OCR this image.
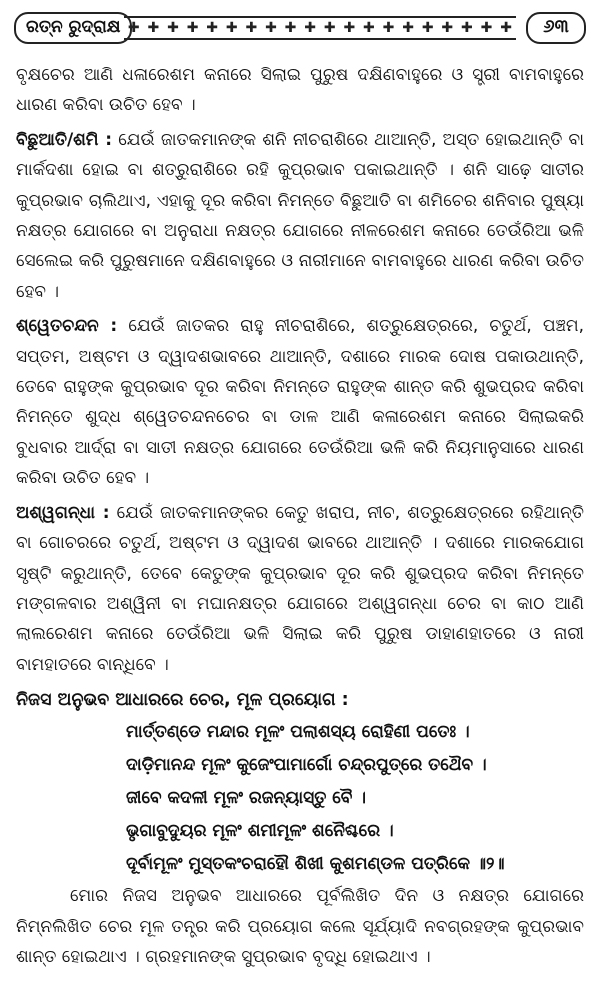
ରତ୍ନ ରୁଦ୍ରାକ୍ଷ ✚ ✚ ✚ ✚ ✚ ✚ ✚ ✚ ✚ ✚ ✚ ✚ ✚ ✚ ✚ ✚ ✚ ✚ ✚ ✚	୬୩

ବୃକ୍ଷଚେର ଆଣି ଧଳାରେଶମ କନାରେ ସିଲାଇ ପୁରୁଷ ଦକ୍ଷିଣବାହୁରେ ଓ ସ୍ତ୍ରୀ ବାମବାହୁରେ ଧାରଣ କରିବା ଉଚିତ ହେବ ।

ବିଛୁଆତି/ଶମି : ଯେଉଁ ଜାତକମାନଙ୍କ ଶନି ନୀଚରାଶିରେ ଥାଆନ୍ତି, ଅସ୍ତ ହୋଇଥାନ୍ତି ବା ମାର୍କଦଶା ହୋଇ ବା ଶତ୍ରୁରାଶିରେ ରହି କୁପ୍ରଭାବ ପକାଇଥାନ୍ତି । ଶନି ସାଢ଼େ ସାତୀର କୁପ୍ରଭାବ ଚାଲିଥାଏ, ଏହାକୁ ଦୂର କରିବା ନିମନ୍ତେ ବିଛୁଆତି ବା ଶମିଚେର ଶନିବାର ପୁଷ୍ୟା ନକ୍ଷତ୍ର ଯୋଗରେ ବା ଅନୁରାଧା ନକ୍ଷତ୍ର ଯୋଗରେ ନୀଳରେଶମ କନାରେ ତେଉଁରିଆ ଭଳି ସେଲେଇ କରି ପୁରୁଷମାନେ ଦକ୍ଷିଣବାହୁରେ ଓ ନାରୀମାନେ ବାମବାହୁରେ ଧାରଣ କରିବା ଉଚିତ ହେବ ।

ଶ୍ୱେତଚନ୍ଦନ : ଯେଉଁ ଜାତକର ରାହୁ ନୀଚରାଶିରେ, ଶତ୍ରୁକ୍ଷେତ୍ରରେ, ଚତୁର୍ଥ, ପଞ୍ଚମ, ସପ୍ତମ, ଅଷ୍ଟମ ଓ ଦ୍ୱାଦଶଭାବରେ ଥାଆନ୍ତି, ଦଶାରେ ମାରକ ଦୋଷ ପକାଉଥାନ୍ତି, ତେବେ ରାହୁଙ୍କ କୁପ୍ରଭାବ ଦୂର କରିବା ନିମନ୍ତେ ରାହୁଙ୍କ ଶାନ୍ତ କରି ଶୁଭପ୍ରଦ କରିବା ନିମନ୍ତେ ଶୁଦ୍ଧ ଶ୍ୱେତଚନ୍ଦନଚେର ବା ଡାଳ ଆଣି କଳାରେଶମ କନାରେ ସିଲାଇକରି ବୁଧବାର ଆର୍ଦ୍ରା ବା ସାତୀ ନକ୍ଷତ୍ର ଯୋଗରେ ତେଉଁରିଆ ଭଳି କରି ନିୟମାନୁସାରେ ଧାରଣ କରିବା ଉଚିତ ହେବ ।

ଅଶ୍ୱଗନ୍ଧା : ଯେଉଁ ଜାତକମାନଙ୍କର କେତୁ ଖରାପ, ନୀଚ, ଶତ୍ରୁକ୍ଷେତ୍ରରେ ରହିଥାନ୍ତି ବା ଗୋଚରରେ ଚତୁର୍ଥ, ଅଷ୍ଟମ ଓ ଦ୍ୱାଦଶ ଭାବରେ ଥାଆନ୍ତି । ଦଶାରେ ମାରକଯୋଗ ସୃଷ୍ଟି କରୁଥାନ୍ତି, ତେବେ କେତୁଙ୍କ କୁପ୍ରଭାବ ଦୂର କରି ଶୁଭପ୍ରଦ କରିବା ନିମନ୍ତେ ମଙ୍ଗଳବାର ଅଶ୍ୱିନୀ ବା ମଘାନକ୍ଷତ୍ର ଯୋଗରେ ଅଶ୍ୱଗନ୍ଧା ଚେର ବା କାଠ ଆଣି ଲାଲରେଶମ କନାରେ ତେଉଁରିଆ ଭଳି ସିଲାଇ କରି ପୁରୁଷ ଡାହାଣହାତରେ ଓ ନାରୀ ବାମହାତରେ ବାନ୍ଧିବେ ।

ନିଜସ ଅନୁଭବ ଆଧାରରେ ଚେର, ମୂଳ ପ୍ରୟୋଗ :
ମାର୍ତ୍ତଣ୍ଡେ ମନ୍ଦାର ମୂଳଂ ପଲାଶସ୍ୟ ରୋହିଣୀ ପତେଃ ।
ଦାଡ଼ିମାନନ୍ଦ ମୂଳଂ କୁଜେଂପାମାର୍ଗୋ ଚନ୍ଦ୍ରପୁତ୍ରେ ତଥୈବ ।
ଜୀବେ କଦଳୀ ମୂଳଂ ରଜନ୍ୟାସ୍ତୁ ବୈ ।
ଭୃଗାବୁଦୁୟର ମୂଳଂ ଶମୀମୂଳଂ ଶନୈଶ୍ଚରେ ।
ଦୂର୍ବାମୂଳଂ ମୁସ୍ତକଂଚରାହୌ ଶିଖୀ କୁଶମଣ୍ଡଳ ପତ୍ରିକେ ॥୨॥

ମୋର ନିଜସ ଅନୁଭବ ଆଧାରରେ ପୂର୍ବଲିଖିତ ଦିନ ଓ ନକ୍ଷତ୍ର ଯୋଗରେ ନିମ୍ନଲିଖିତ ଚେର ମୂଳ ତନ୍ତ୍ର କରି ପ୍ରୟୋଗ କଲେ ସୂର୍ଯ୍ୟାଦି ନବଗ୍ରହଙ୍କ କୁପ୍ରଭାବ ଶାନ୍ତ ହୋଇଥାଏ । ଗ୍ରହମାନଙ୍କ ସୁପ୍ରଭାବ ବୃଦ୍ଧି ହୋଇଥାଏ ।
